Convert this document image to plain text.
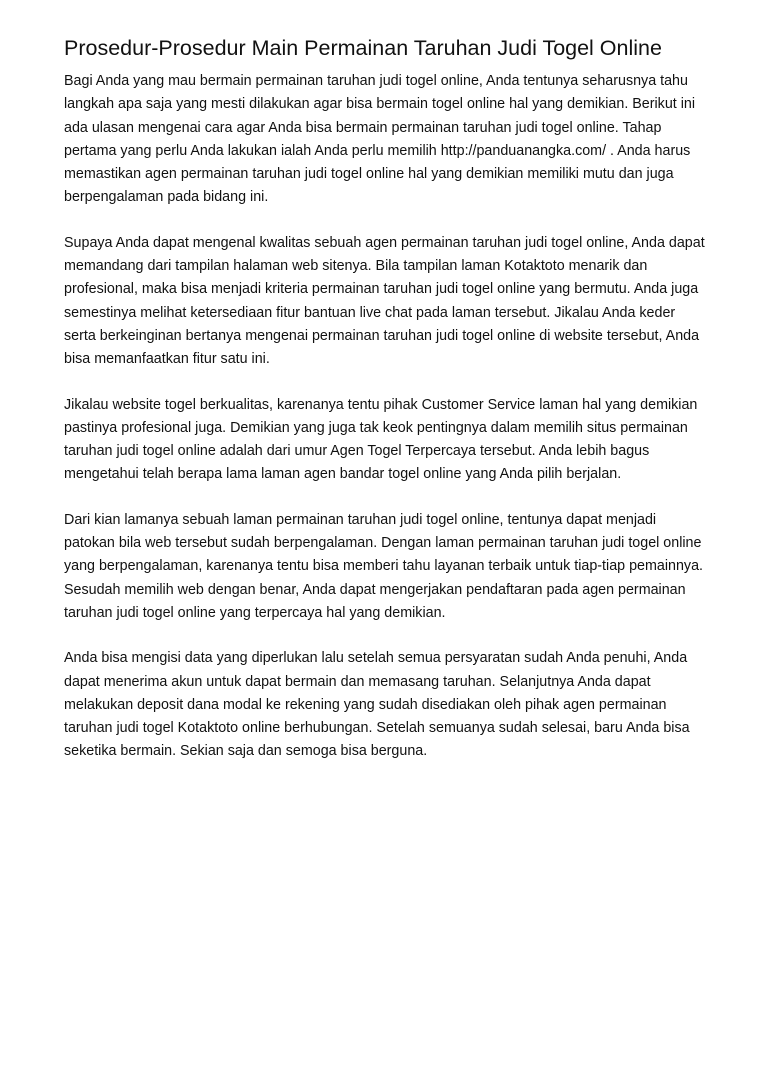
Prosedur-Prosedur Main Permainan Taruhan Judi Togel Online

Bagi Anda yang mau bermain permainan taruhan judi togel online, Anda tentunya seharusnya tahu langkah apa saja yang mesti dilakukan agar bisa bermain togel online hal yang demikian. Berikut ini ada ulasan mengenai cara agar Anda bisa bermain permainan taruhan judi togel online. Tahap pertama yang perlu Anda lakukan ialah Anda perlu memilih http://panduanangka.com/ . Anda harus memastikan agen permainan taruhan judi togel online hal yang demikian memiliki mutu dan juga berpengalaman pada bidang ini.

Supaya Anda dapat mengenal kwalitas sebuah agen permainan taruhan judi togel online, Anda dapat memandang dari tampilan halaman web sitenya. Bila tampilan laman Kotaktoto menarik dan profesional, maka bisa menjadi kriteria permainan taruhan judi togel online yang bermutu. Anda juga semestinya melihat ketersediaan fitur bantuan live chat pada laman tersebut. Jikalau Anda keder serta berkeinginan bertanya mengenai permainan taruhan judi togel online di website tersebut, Anda bisa memanfaatkan fitur satu ini.

Jikalau website togel berkualitas, karenanya tentu pihak Customer Service laman hal yang demikian pastinya profesional juga. Demikian yang juga tak keok pentingnya dalam memilih situs permainan taruhan judi togel online adalah dari umur Agen Togel Terpercaya tersebut. Anda lebih bagus mengetahui telah berapa lama laman agen bandar togel online yang Anda pilih berjalan.

Dari kian lamanya sebuah laman permainan taruhan judi togel online, tentunya dapat menjadi patokan bila web tersebut sudah berpengalaman. Dengan laman permainan taruhan judi togel online yang berpengalaman, karenanya tentu bisa memberi tahu layanan terbaik untuk tiap-tiap pemainnya. Sesudah memilih web dengan benar, Anda dapat mengerjakan pendaftaran pada agen permainan taruhan judi togel online yang terpercaya hal yang demikian.

Anda bisa mengisi data yang diperlukan lalu setelah semua persyaratan sudah Anda penuhi, Anda dapat menerima akun untuk dapat bermain dan memasang taruhan. Selanjutnya Anda dapat melakukan deposit dana modal ke rekening yang sudah disediakan oleh pihak agen permainan taruhan judi togel Kotaktoto online berhubungan. Setelah semuanya sudah selesai, baru Anda bisa seketika bermain. Sekian saja dan semoga bisa berguna.
